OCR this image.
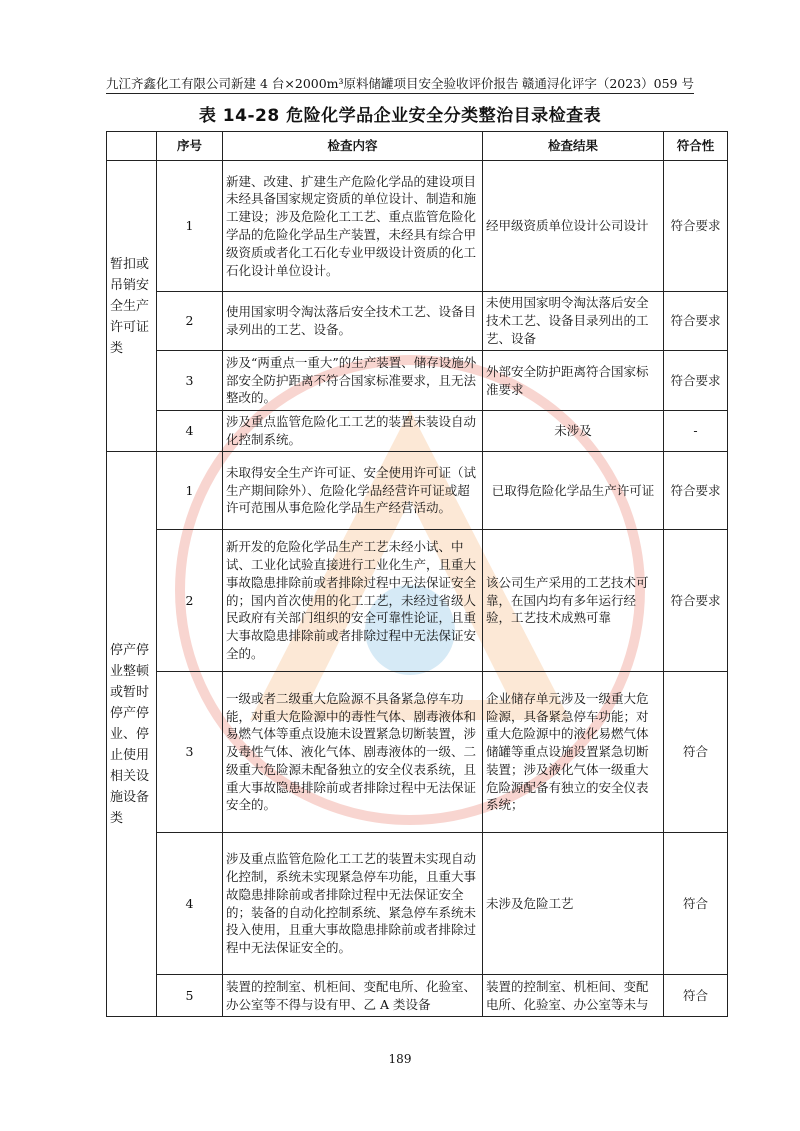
九江齐鑫化工有限公司新建 4 台×2000m³原料储罐项目安全验收评价报告 赣通浔化评字（2023）059 号
表 14-28 危险化学品企业安全分类整治目录检查表
	序号	检查内容	检查结果	符合性
暂扣或吊销安全生产许可证类	1	新建、改建、扩建生产危险化学品的建设项目未经具备国家规定资质的单位设计、制造和施工建设；涉及危险化工工艺、重点监管危险化学品的危险化学品生产装置，未经具有综合甲级资质或者化工石化专业甲级设计资质的化工石化设计单位设计。	经甲级资质单位设计公司设计	符合要求
	2	使用国家明令淘汰落后安全技术工艺、设备目录列出的工艺、设备。	未使用国家明令淘汰落后安全技术工艺、设备目录列出的工艺、设备	符合要求
	3	涉及“两重点一重大”的生产装置、储存设施外部安全防护距离不符合国家标准要求，且无法整改的。	外部安全防护距离符合国家标准要求	符合要求
	4	涉及重点监管危险化工工艺的装置未装设自动化控制系统。	未涉及	-
停产停业整顿或暂时停产停业、停止使用相关设施设备类	1	未取得安全生产许可证、安全使用许可证（试生产期间除外）、危险化学品经营许可证或超许可范围从事危险化学品生产经营活动。	已取得危险化学品生产许可证	符合要求
	2	新开发的危险化学品生产工艺未经小试、中试、工业化试验直接进行工业化生产，且重大事故隐患排除前或者排除过程中无法保证安全的；国内首次使用的化工工艺，未经过省级人民政府有关部门组织的安全可靠性论证，且重大事故隐患排除前或者排除过程中无法保证安全的。	该公司生产采用的工艺技术可靠，在国内均有多年运行经验，工艺技术成熟可靠	符合要求
	3	一级或者二级重大危险源不具备紧急停车功能，对重大危险源中的毒性气体、剧毒液体和易燃气体等重点设施未设置紧急切断装置，涉及毒性气体、液化气体、剧毒液体的一级、二级重大危险源未配备独立的安全仪表系统，且重大事故隐患排除前或者排除过程中无法保证安全的。	企业储存单元涉及一级重大危险源，具备紧急停车功能；对重大危险源中的液化易燃气体储罐等重点设施设置紧急切断装置；涉及液化气体一级重大危险源配备有独立的安全仪表系统；	符合
	4	涉及重点监管危险化工工艺的装置未实现自动化控制，系统未实现紧急停车功能，且重大事故隐患排除前或者排除过程中无法保证安全的；装备的自动化控制系统、紧急停车系统未投入使用，且重大事故隐患排除前或者排除过程中无法保证安全的。	未涉及危险工艺	符合
	5	装置的控制室、机柜间、变配电所、化验室、办公室等不得与设有甲、乙 A 类设备	装置的控制室、机柜间、变配电所、化验室、办公室等未与	符合
189
